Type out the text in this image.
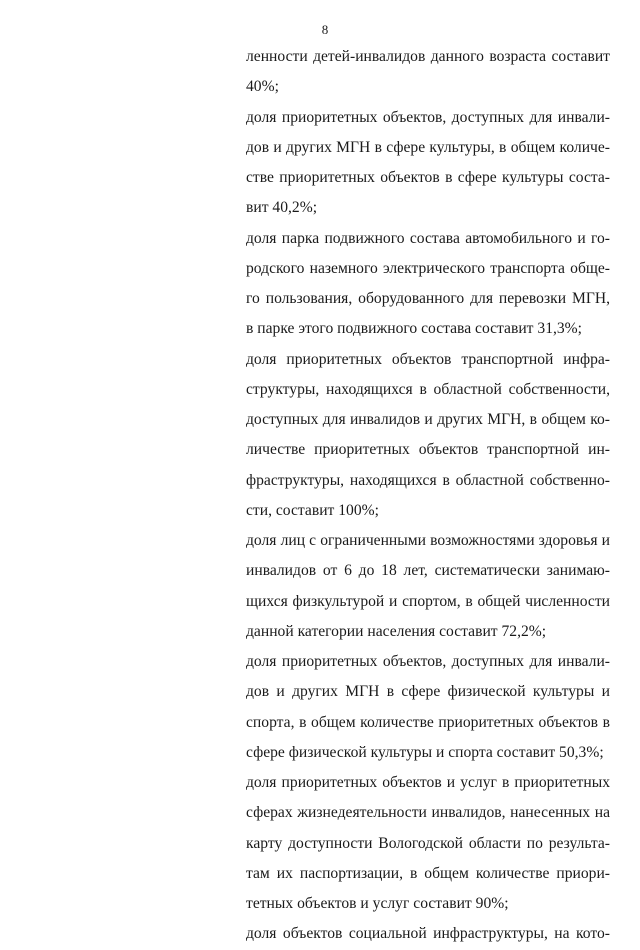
8
ленности детей-инвалидов данного возраста составит
40%;
доля приоритетных объектов, доступных для инвали-
дов и других МГН в сфере культуры, в общем количе-
стве приоритетных объектов в сфере культуры соста-
вит 40,2%;
доля парка подвижного состава автомобильного и го-
родского наземного электрического транспорта обще-
го пользования, оборудованного для перевозки МГН,
в парке этого подвижного состава составит 31,3%;
доля приоритетных объектов транспортной инфра-
структуры, находящихся в областной собственности,
доступных для инвалидов и других МГН, в общем ко-
личестве приоритетных объектов транспортной ин-
фраструктуры, находящихся в областной собственно-
сти, составит 100%;
доля лиц с ограниченными возможностями здоровья и
инвалидов от 6 до 18 лет, систематически занимаю-
щихся физкультурой и спортом, в общей численности
данной категории населения составит 72,2%;
доля приоритетных объектов, доступных для инвали-
дов и других МГН в сфере физической культуры и
спорта, в общем количестве приоритетных объектов в
сфере физической культуры и спорта составит 50,3%;
доля приоритетных объектов и услуг в приоритетных
сферах жизнедеятельности инвалидов, нанесенных на
карту доступности Вологодской области по результа-
там их паспортизации, в общем количестве приори-
тетных объектов и услуг составит 90%;
доля объектов социальной инфраструктуры, на кото-
